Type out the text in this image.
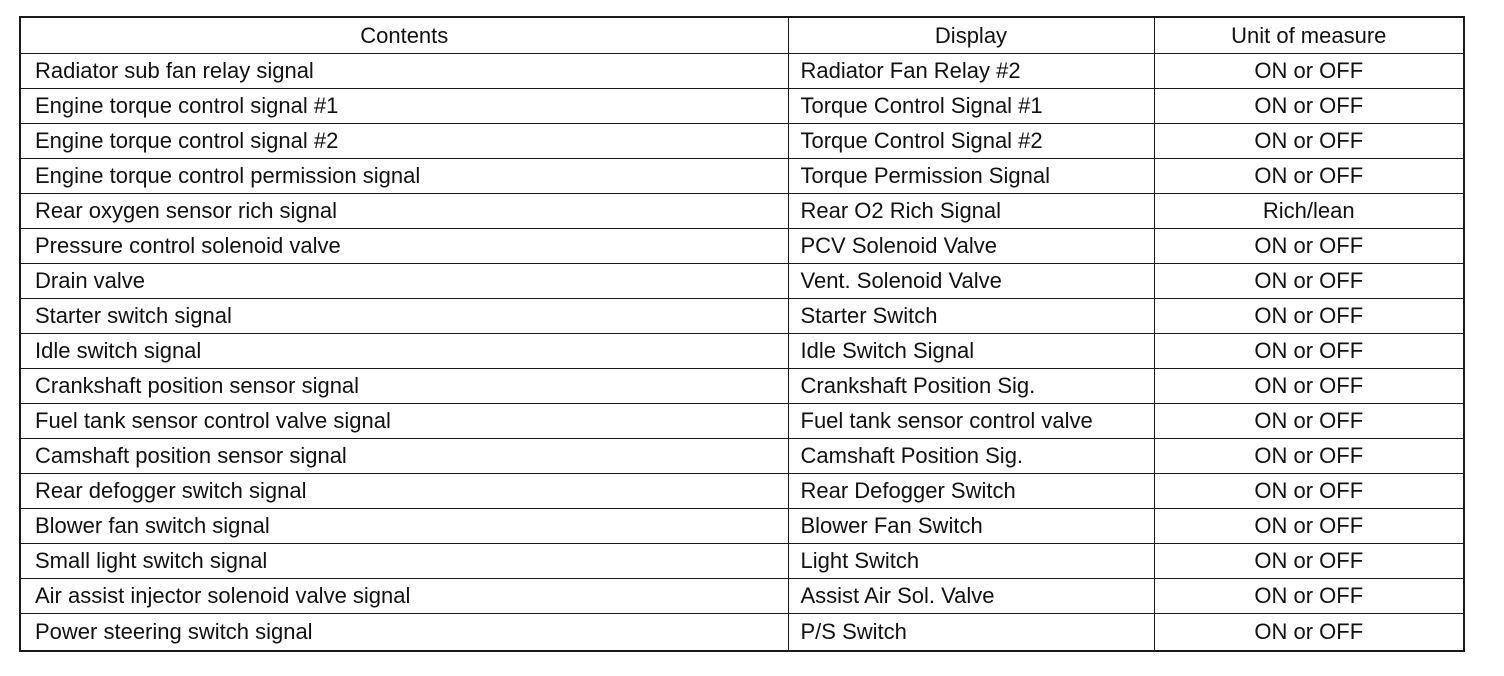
Contents	Display	Unit of measure
Radiator sub fan relay signal	Radiator Fan Relay #2	ON or OFF
Engine torque control signal #1	Torque Control Signal #1	ON or OFF
Engine torque control signal #2	Torque Control Signal #2	ON or OFF
Engine torque control permission signal	Torque Permission Signal	ON or OFF
Rear oxygen sensor rich signal	Rear O2 Rich Signal	Rich/lean
Pressure control solenoid valve	PCV Solenoid Valve	ON or OFF
Drain valve	Vent. Solenoid Valve	ON or OFF
Starter switch signal	Starter Switch	ON or OFF
Idle switch signal	Idle Switch Signal	ON or OFF
Crankshaft position sensor signal	Crankshaft Position Sig.	ON or OFF
Fuel tank sensor control valve signal	Fuel tank sensor control valve	ON or OFF
Camshaft position sensor signal	Camshaft Position Sig.	ON or OFF
Rear defogger switch signal	Rear Defogger Switch	ON or OFF
Blower fan switch signal	Blower Fan Switch	ON or OFF
Small light switch signal	Light Switch	ON or OFF
Air assist injector solenoid valve signal	Assist Air Sol. Valve	ON or OFF
Power steering switch signal	P/S Switch	ON or OFF
